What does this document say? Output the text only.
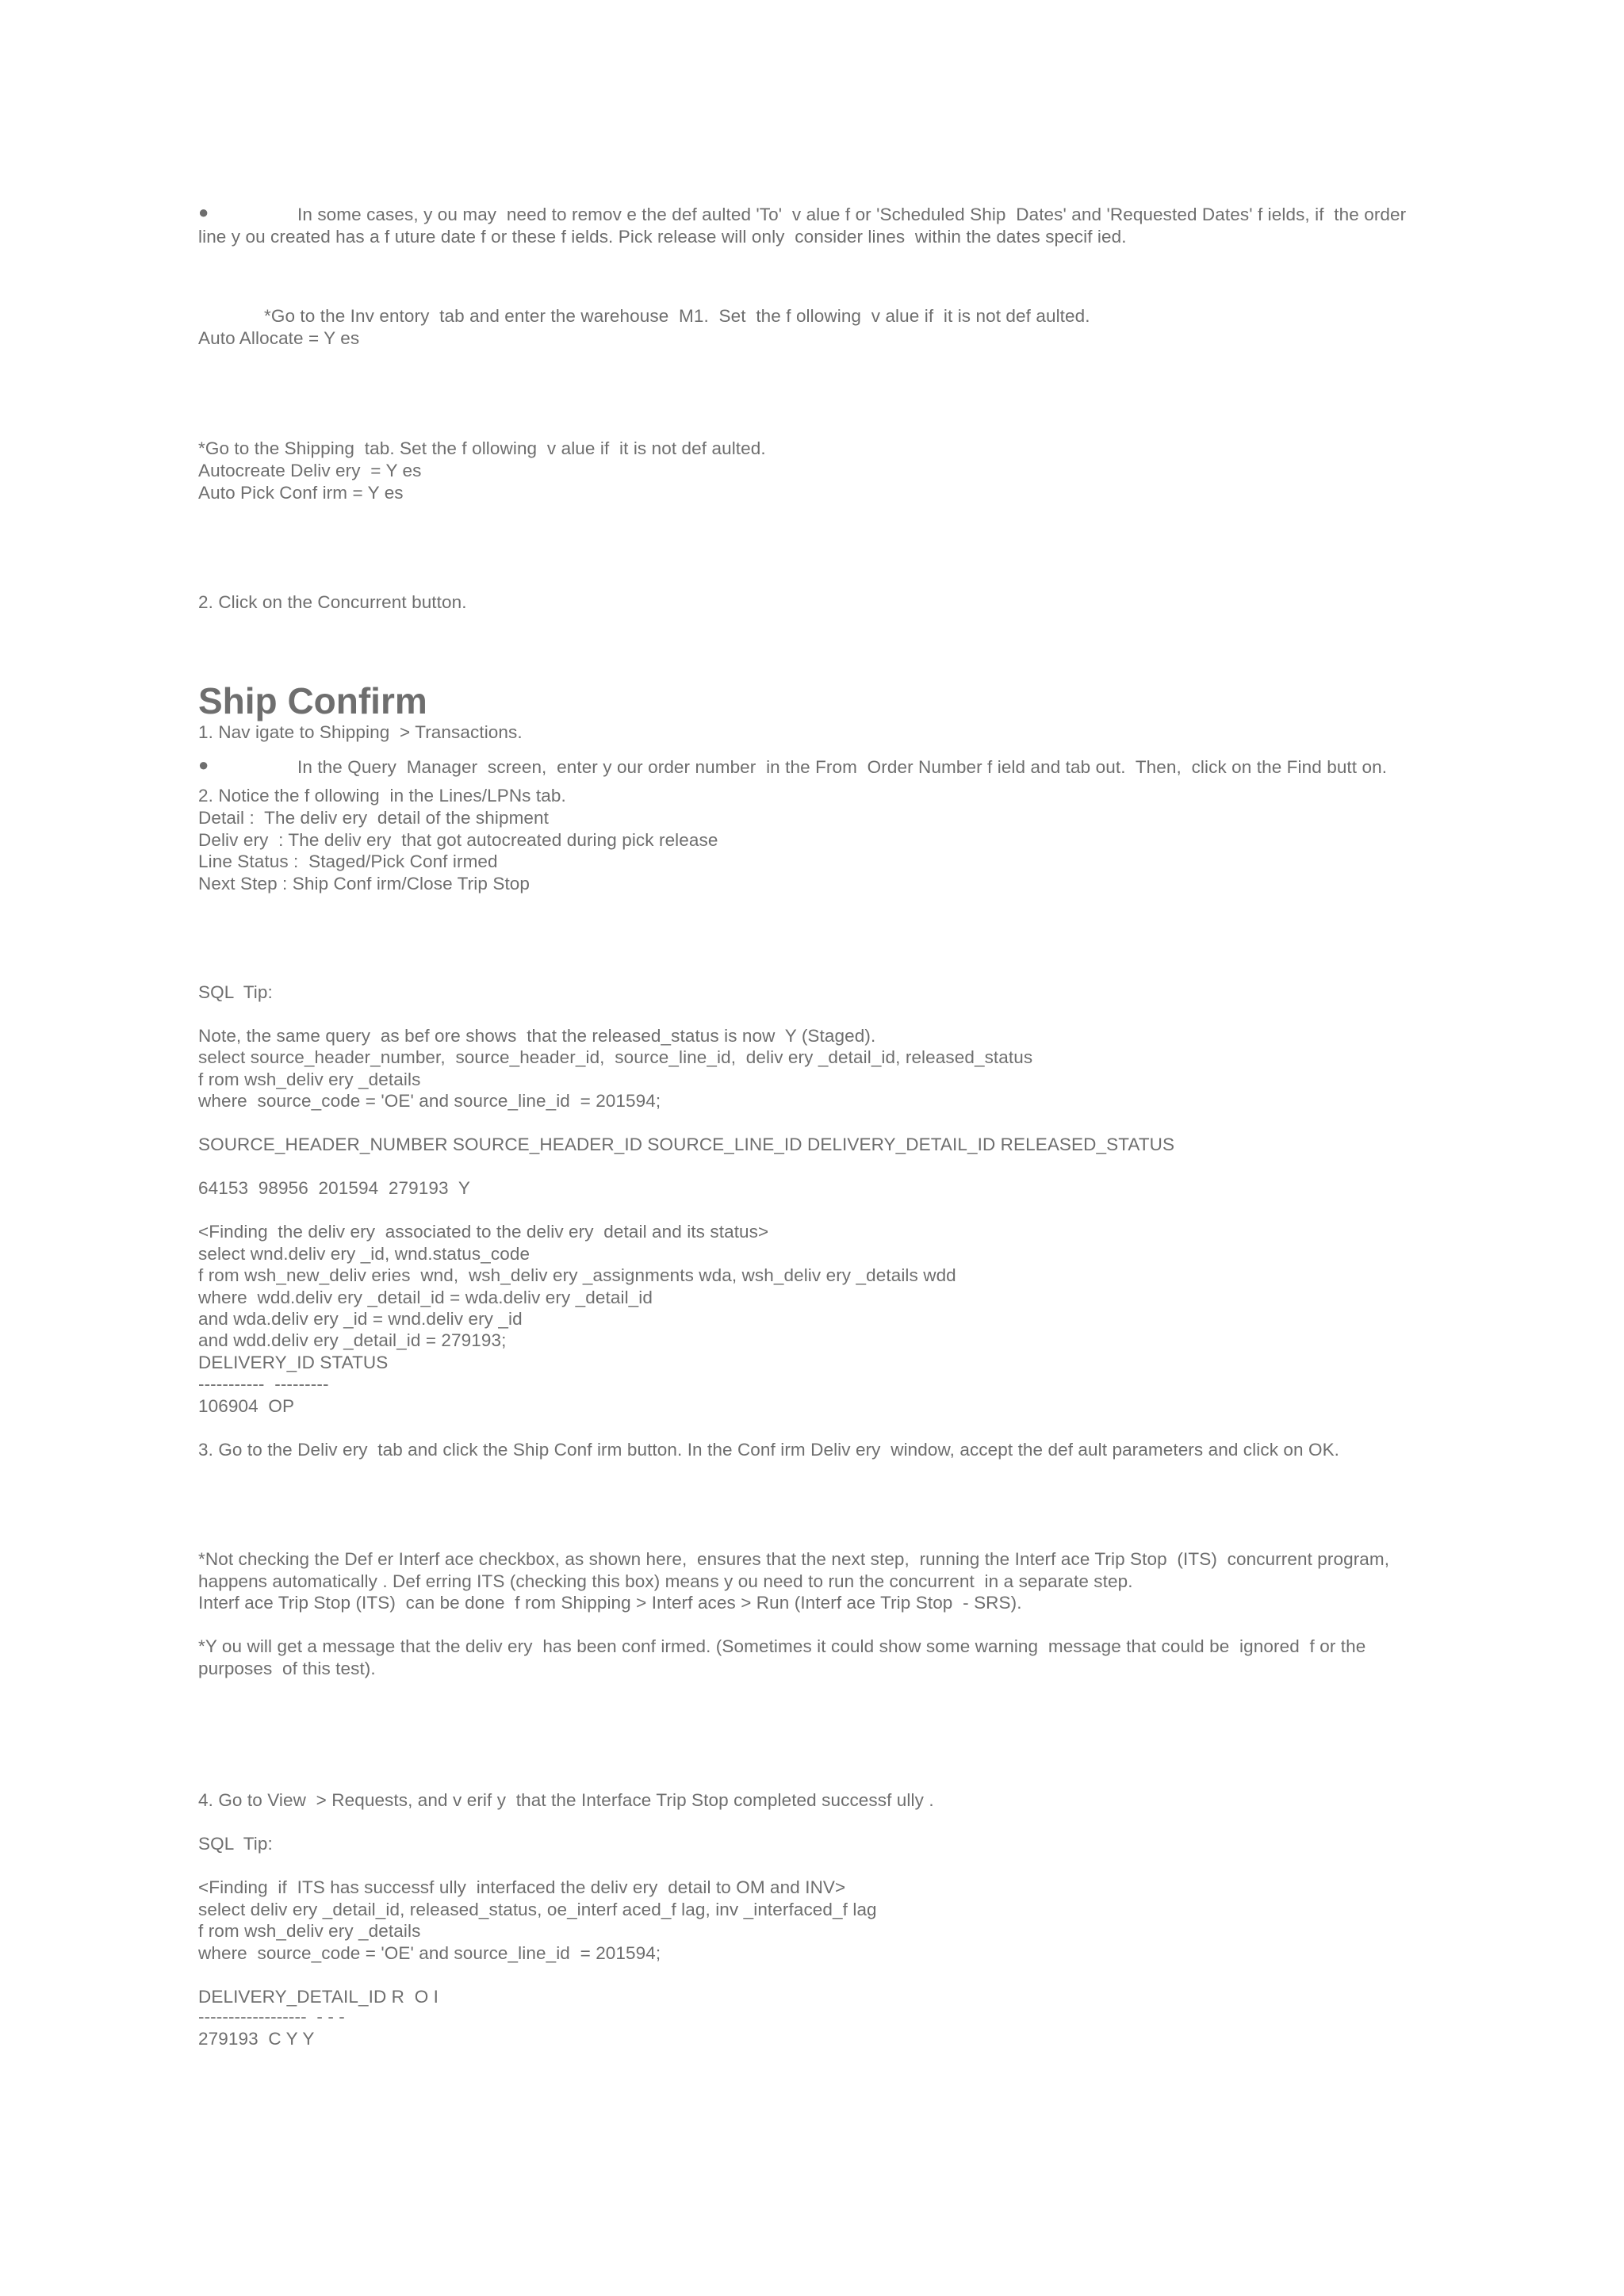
●	In some cases, y ou may  need to remov e the def aulted 'To'  v alue f or 'Scheduled Ship  Dates' and 'Requested Dates' f ields, if  the order
line y ou created has a f uture date f or these f ields. Pick release will only  consider lines  within the dates specif ied.
*Go to the Inv entory  tab and enter the warehouse  M1.  Set  the f ollowing  v alue if  it is not def aulted.
Auto Allocate = Y es
*Go to the Shipping  tab. Set the f ollowing  v alue if  it is not def aulted.
Autocreate Deliv ery  = Y es
Auto Pick Conf irm = Y es
2. Click on the Concurrent button.
Ship Confirm
1. Nav igate to Shipping  > Transactions.
●	In the Query  Manager  screen,  enter y our order number  in the From  Order Number f ield and tab out.  Then,  click on the Find butt on.
2. Notice the f ollowing  in the Lines/LPNs tab.
Detail :  The deliv ery  detail of the shipment
Deliv ery  : The deliv ery  that got autocreated during pick release
Line Status :  Staged/Pick Conf irmed
Next Step : Ship Conf irm/Close Trip Stop
SQL  Tip:
Note, the same query  as bef ore shows  that the released_status is now  Y (Staged).
select source_header_number,  source_header_id,  source_line_id,  deliv ery _detail_id, released_status
f rom wsh_deliv ery _details
where  source_code = 'OE' and source_line_id  = 201594;
SOURCE_HEADER_NUMBER SOURCE_HEADER_ID SOURCE_LINE_ID DELIVERY_DETAIL_ID RELEASED_STATUS
64153  98956  201594  279193  Y
<Finding  the deliv ery  associated to the deliv ery  detail and its status>
select wnd.deliv ery _id, wnd.status_code
f rom wsh_new_deliv eries  wnd,  wsh_deliv ery _assignments wda, wsh_deliv ery _details wdd
where  wdd.deliv ery _detail_id = wda.deliv ery _detail_id
and wda.deliv ery _id = wnd.deliv ery _id
and wdd.deliv ery _detail_id = 279193;
DELIVERY_ID STATUS
-----------  ---------
106904  OP
3. Go to the Deliv ery  tab and click the Ship Conf irm button. In the Conf irm Deliv ery  window, accept the def ault parameters and click on OK.
*Not checking the Def er Interf ace checkbox, as shown here,  ensures that the next step,  running the Interf ace Trip Stop  (ITS)  concurrent program,
happens automatically . Def erring ITS (checking this box) means y ou need to run the concurrent  in a separate step.
Interf ace Trip Stop (ITS)  can be done  f rom Shipping > Interf aces > Run (Interf ace Trip Stop  - SRS).
*Y ou will get a message that the deliv ery  has been conf irmed. (Sometimes it could show some warning  message that could be  ignored  f or the
purposes  of this test).
4. Go to View  > Requests, and v erif y  that the Interface Trip Stop completed successf ully .
SQL  Tip:
<Finding  if  ITS has successf ully  interfaced the deliv ery  detail to OM and INV>
select deliv ery _detail_id, released_status, oe_interf aced_f lag, inv _interfaced_f lag
f rom wsh_deliv ery _details
where  source_code = 'OE' and source_line_id  = 201594;
DELIVERY_DETAIL_ID R  O I
------------------  - - -
279193  C Y Y
